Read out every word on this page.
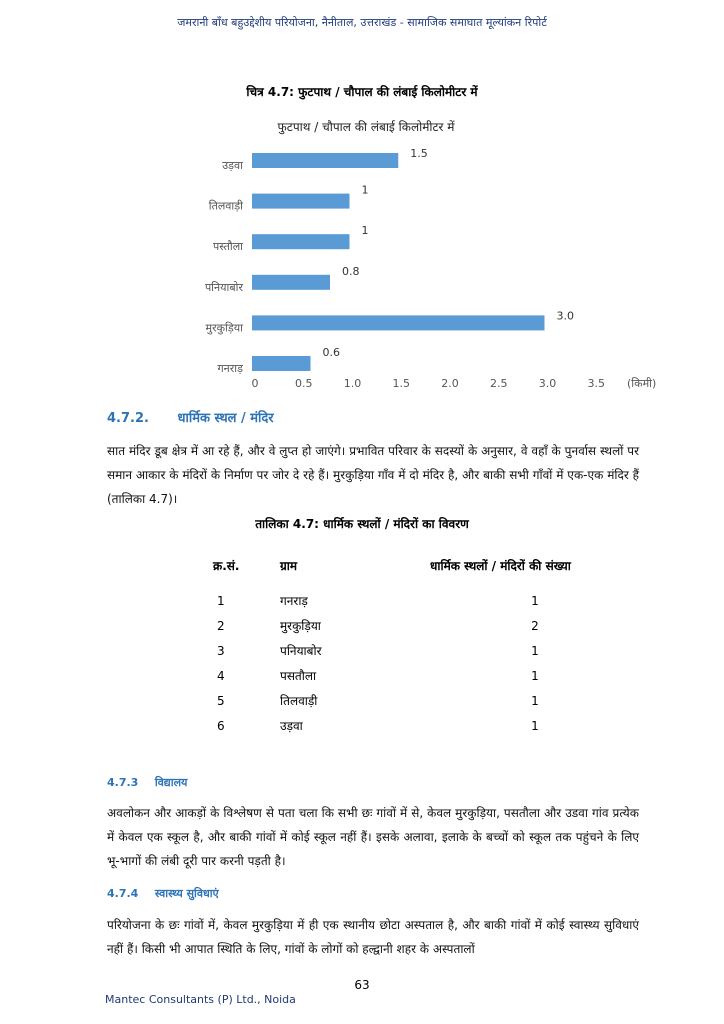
जमरानी बाँध बहुउद्देशीय परियोजना, नैनीताल, उत्तराखंड - सामाजिक समाघात मूल्यांकन रिपोर्ट
चित्र 4.7: फुटपाथ / चौपाल की लंबाई किलोमीटर में
फुटपाथ / चौपाल की लंबाई किलोमीटर में
उड़वा
तिलवाड़ी
पस्तौला
पनियाबोर
मुरकुड़िया
गनराड़
1.5
1
1
0.8
3.0
0.6
0	0.5	1.0	1.5	2.0	2.5	3.0	3.5 (किमी)
4.7.2. धार्मिक स्थल / मंदिर
सात मंदिर डूब क्षेत्र में आ रहे हैं, और वे लुप्त हो जाएंगे। प्रभावित परिवार के सदस्यों के अनुसार, वे वहाँ के पुनर्वास स्थलों पर समान आकार के मंदिरों के निर्माण पर जोर दे रहे हैं। मुरकुड़िया गाँव में दो मंदिर है, और बाकी सभी गाँवों में एक-एक मंदिर हैं (तालिका 4.7)।
तालिका 4.7: धार्मिक स्थलों / मंदिरों का विवरण
क्र.सं.	ग्राम	धार्मिक स्थलों / मंदिरों की संख्या
1	गनराड़	1
2	मुरकुड़िया	2
3	पनियाबोर	1
4	पसतौला	1
5	तिलवाड़ी	1
6	उड़वा	1
4.7.3 विद्यालय
अवलोकन और आकड़ों के विश्लेषण से पता चला कि सभी छः गांवों में से, केवल मुरकुड़िया, पसतौला और उडवा गांव प्रत्येक में केवल एक स्कूल है, और बाकी गांवों में कोई स्कूल नहीं हैं। इसके अलावा, इलाके के बच्चों को स्कूल तक पहुंचने के लिए भू-भागों की लंबी दूरी पार करनी पड़ती है।
4.7.4 स्वास्थ्य सुविधाएं
परियोजना के छः गांवों में, केवल मुरकुड़िया में ही एक स्थानीय छोटा अस्पताल है, और बाकी गांवों में कोई स्वास्थ्य सुविधाएं नहीं हैं। किसी भी आपात स्थिति के लिए, गांवों के लोगों को हल्द्वानी शहर के अस्पतालों
63
Mantec Consultants (P) Ltd., Noida
